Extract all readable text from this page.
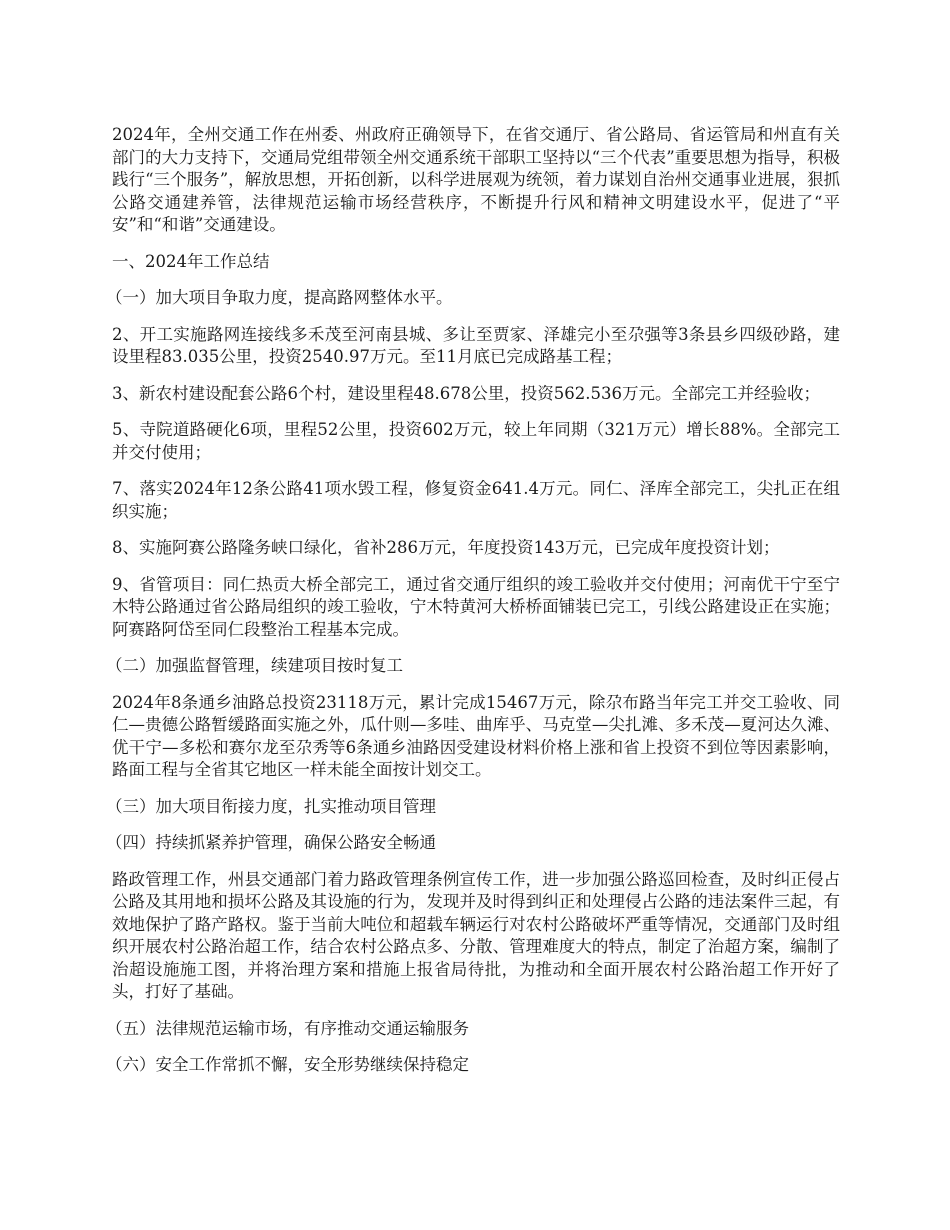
2024年，全州交通工作在州委、州政府正确领导下，在省交通厅、省公路局、省运管局和州直有关部门的大力支持下，交通局党组带领全州交通系统干部职工坚持以“三个代表”重要思想为指导，积极践行“三个服务”，解放思想，开拓创新，以科学进展观为统领，着力谋划自治州交通事业进展，狠抓公路交通建养管，法律规范运输市场经营秩序，不断提升行风和精神文明建设水平，促进了“平安”和“和谐”交通建设。

一、2024年工作总结

（一）加大项目争取力度，提高路网整体水平。

2、开工实施路网连接线多禾茂至河南县城、多让至贾家、泽雄完小至尕强等3条县乡四级砂路，建设里程83.035公里，投资2540.97万元。至11月底已完成路基工程；

3、新农村建设配套公路6个村，建设里程48.678公里，投资562.536万元。全部完工并经验收；

5、寺院道路硬化6项，里程52公里，投资602万元，较上年同期（321万元）增长88%。全部完工并交付使用；

7、落实2024年12条公路41项水毁工程，修复资金641.4万元。同仁、泽库全部完工，尖扎正在组织实施；

8、实施阿赛公路隆务峡口绿化，省补286万元，年度投资143万元，已完成年度投资计划；

9、省管项目：同仁热贡大桥全部完工，通过省交通厅组织的竣工验收并交付使用；河南优干宁至宁木特公路通过省公路局组织的竣工验收，宁木特黄河大桥桥面铺装已完工，引线公路建设正在实施；阿赛路阿岱至同仁段整治工程基本完成。

（二）加强监督管理，续建项目按时复工

2024年8条通乡油路总投资23118万元，累计完成15467万元，除尕布路当年完工并交工验收、同仁—贵德公路暂缓路面实施之外，瓜什则—多哇、曲库乎、马克堂—尖扎滩、多禾茂—夏河达久滩、优干宁—多松和赛尔龙至尕秀等6条通乡油路因受建设材料价格上涨和省上投资不到位等因素影响，路面工程与全省其它地区一样未能全面按计划交工。

（三）加大项目衔接力度，扎实推动项目管理

（四）持续抓紧养护管理，确保公路安全畅通

路政管理工作，州县交通部门着力路政管理条例宣传工作，进一步加强公路巡回检查，及时纠正侵占公路及其用地和损坏公路及其设施的行为，发现并及时得到纠正和处理侵占公路的违法案件三起，有效地保护了路产路权。鉴于当前大吨位和超载车辆运行对农村公路破坏严重等情况，交通部门及时组织开展农村公路治超工作，结合农村公路点多、分散、管理难度大的特点，制定了治超方案，编制了治超设施施工图，并将治理方案和措施上报省局待批，为推动和全面开展农村公路治超工作开好了头，打好了基础。

（五）法律规范运输市场，有序推动交通运输服务

（六）安全工作常抓不懈，安全形势继续保持稳定
